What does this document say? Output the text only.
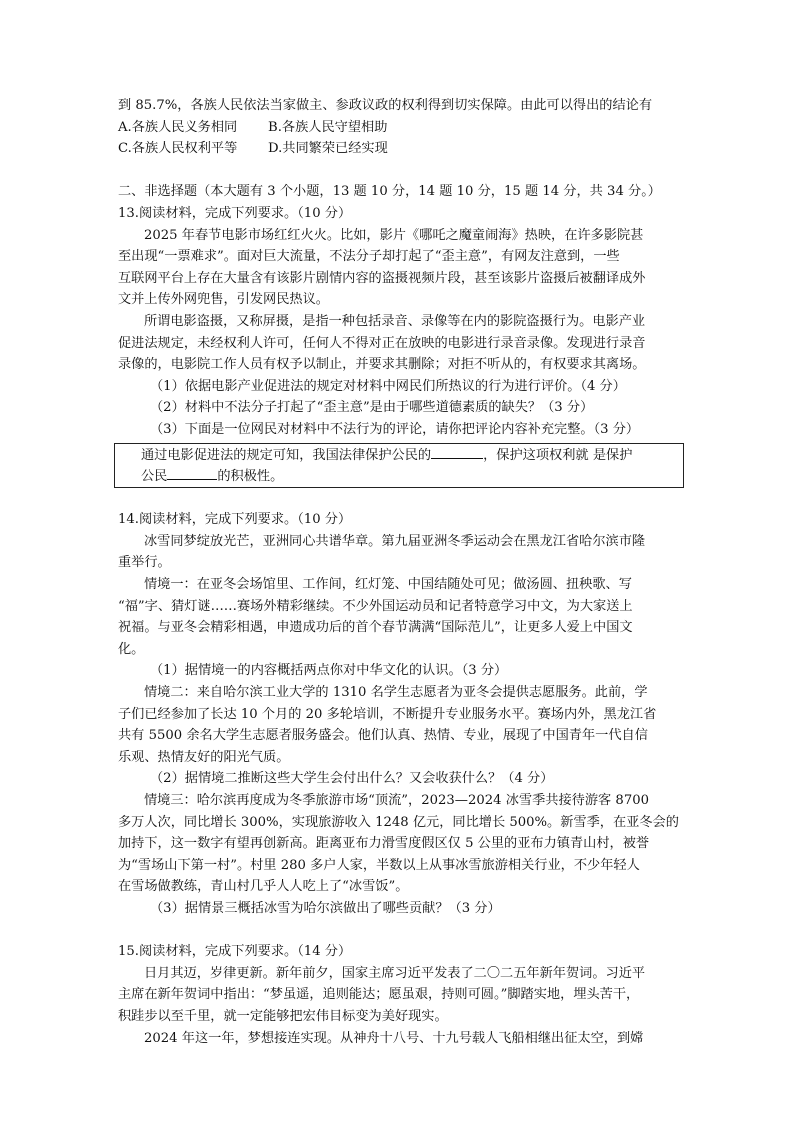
到 85.7%，各族人民依法当家做主、参政议政的权利得到切实保障。由此可以得出的结论有
A.各族人民义务相同	B.各族人民守望相助
C.各族人民权利平等	D.共同繁荣已经实现
二、非选择题（本大题有 3 个小题，13 题 10 分，14 题 10 分，15 题 14 分，共 34 分。）
13.阅读材料，完成下列要求。（10 分）
2025 年春节电影市场红红火火。比如，影片《哪吒之魔童闹海》热映，在许多影院甚
至出现“一票难求”。面对巨大流量，不法分子却打起了“歪主意”，有网友注意到，一些
互联网平台上存在大量含有该影片剧情内容的盗摄视频片段，甚至该影片盗摄后被翻译成外
文并上传外网兜售，引发网民热议。
所谓电影盗摄，又称屏摄，是指一种包括录音、录像等在内的影院盗摄行为。电影产业
促进法规定，未经权利人许可，任何人不得对正在放映的电影进行录音录像。发现进行录音
录像的，电影院工作人员有权予以制止，并要求其删除；对拒不听从的，有权要求其离场。
（1）依据电影产业促进法的规定对材料中网民们所热议的行为进行评价。（4 分）
（2）材料中不法分子打起了“歪主意”是由于哪些道德素质的缺失？（3 分）
（3）下面是一位网民对材料中不法行为的评论，请你把评论内容补充完整。（3 分）
通过电影促进法的规定可知，我国法律保护公民的	，保护这项权利就 是保护
公民	的积极性。
14.阅读材料，完成下列要求。（10 分）
冰雪同梦绽放光芒，亚洲同心共谱华章。第九届亚洲冬季运动会在黑龙江省哈尔滨市隆
重举行。
情境一：在亚冬会场馆里、工作间，红灯笼、中国结随处可见；做汤圆、扭秧歌、写
“福”字、猜灯谜……赛场外精彩继续。不少外国运动员和记者特意学习中文，为大家送上
祝福。与亚冬会精彩相遇，申遗成功后的首个春节满满“国际范儿”，让更多人爱上中国文
化。
（1）据情境一的内容概括两点你对中华文化的认识。（3 分）
情境二：来自哈尔滨工业大学的 1310 名学生志愿者为亚冬会提供志愿服务。此前，学
子们已经参加了长达 10 个月的 20 多轮培训，不断提升专业服务水平。赛场内外，黑龙江省
共有 5500 余名大学生志愿者服务盛会。他们认真、热情、专业，展现了中国青年一代自信
乐观、热情友好的阳光气质。
（2）据情境二推断这些大学生会付出什么？又会收获什么？（4 分）
情境三：哈尔滨再度成为冬季旅游市场“顶流”，2023—2024 冰雪季共接待游客 8700
多万人次，同比增长 300%，实现旅游收入 1248 亿元，同比增长 500%。新雪季，在亚冬会的
加持下，这一数字有望再创新高。距离亚布力滑雪度假区仅 5 公里的亚布力镇青山村，被誉
为“雪场山下第一村”。村里 280 多户人家，半数以上从事冰雪旅游相关行业，不少年轻人
在雪场做教练，青山村几乎人人吃上了“冰雪饭”。
（3）据情景三概括冰雪为哈尔滨做出了哪些贡献？（3 分）
15.阅读材料，完成下列要求。（14 分）
日月其迈，岁律更新。新年前夕，国家主席习近平发表了二〇二五年新年贺词。习近平
主席在新年贺词中指出：“梦虽遥，追则能达；愿虽艰，持则可圆。”脚踏实地，埋头苦干，
积跬步以至千里，就一定能够把宏伟目标变为美好现实。
2024 年这一年，梦想接连实现。从神舟十八号、十九号载人飞船相继出征太空，到嫦
